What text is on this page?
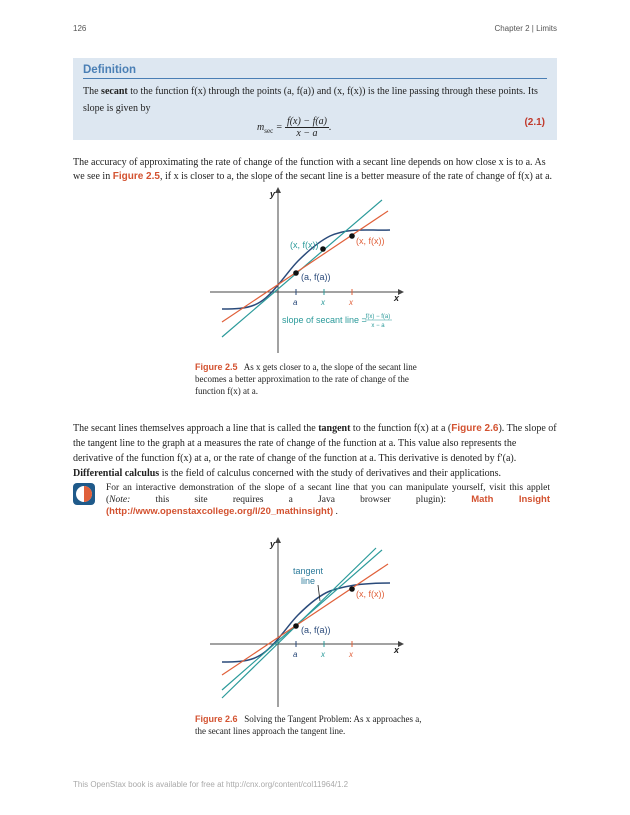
126	Chapter 2 | Limits
Definition
The secant to the function f(x) through the points (a, f(a)) and (x, f(x)) is the line passing through these points. Its slope is given by
$m_{sec} = \frac{f(x) - f(a)}{x - a}$ .	(2.1)
The accuracy of approximating the rate of change of the function with a secant line depends on how close x is to a. As we see in Figure 2.5, if x is closer to a, the slope of the secant line is a better measure of the rate of change of f(x) at a.
y
x
(a, f(a))
(x, f(x))	(x, f(x))
a	x	x
slope of secant line =
f(x) − f(a)
x − a
Figure 2.5 As x gets closer to a, the slope of the secant line becomes a better approximation to the rate of change of the function f(x) at a.
The secant lines themselves approach a line that is called the tangent to the function f(x) at a (Figure 2.6). The slope of the tangent line to the graph at a measures the rate of change of the function at a. This value also represents the derivative of the function f(x) at a, or the rate of change of the function at a. This derivative is denoted by f′(a). Differential calculus is the field of calculus concerned with the study of derivatives and their applications.
For an interactive demonstration of the slope of a secant line that you can manipulate yourself, visit this applet (Note: this site requires a Java browser plugin): Math Insight (http://www.openstaxcollege.org/l/20_mathinsight) .
y
x
tangent
line
(a, f(a))
(x, f(x))
a	x	x
Figure 2.6 Solving the Tangent Problem: As x approaches a, the secant lines approach the tangent line.
This OpenStax book is available for free at http://cnx.org/content/col11964/1.2
